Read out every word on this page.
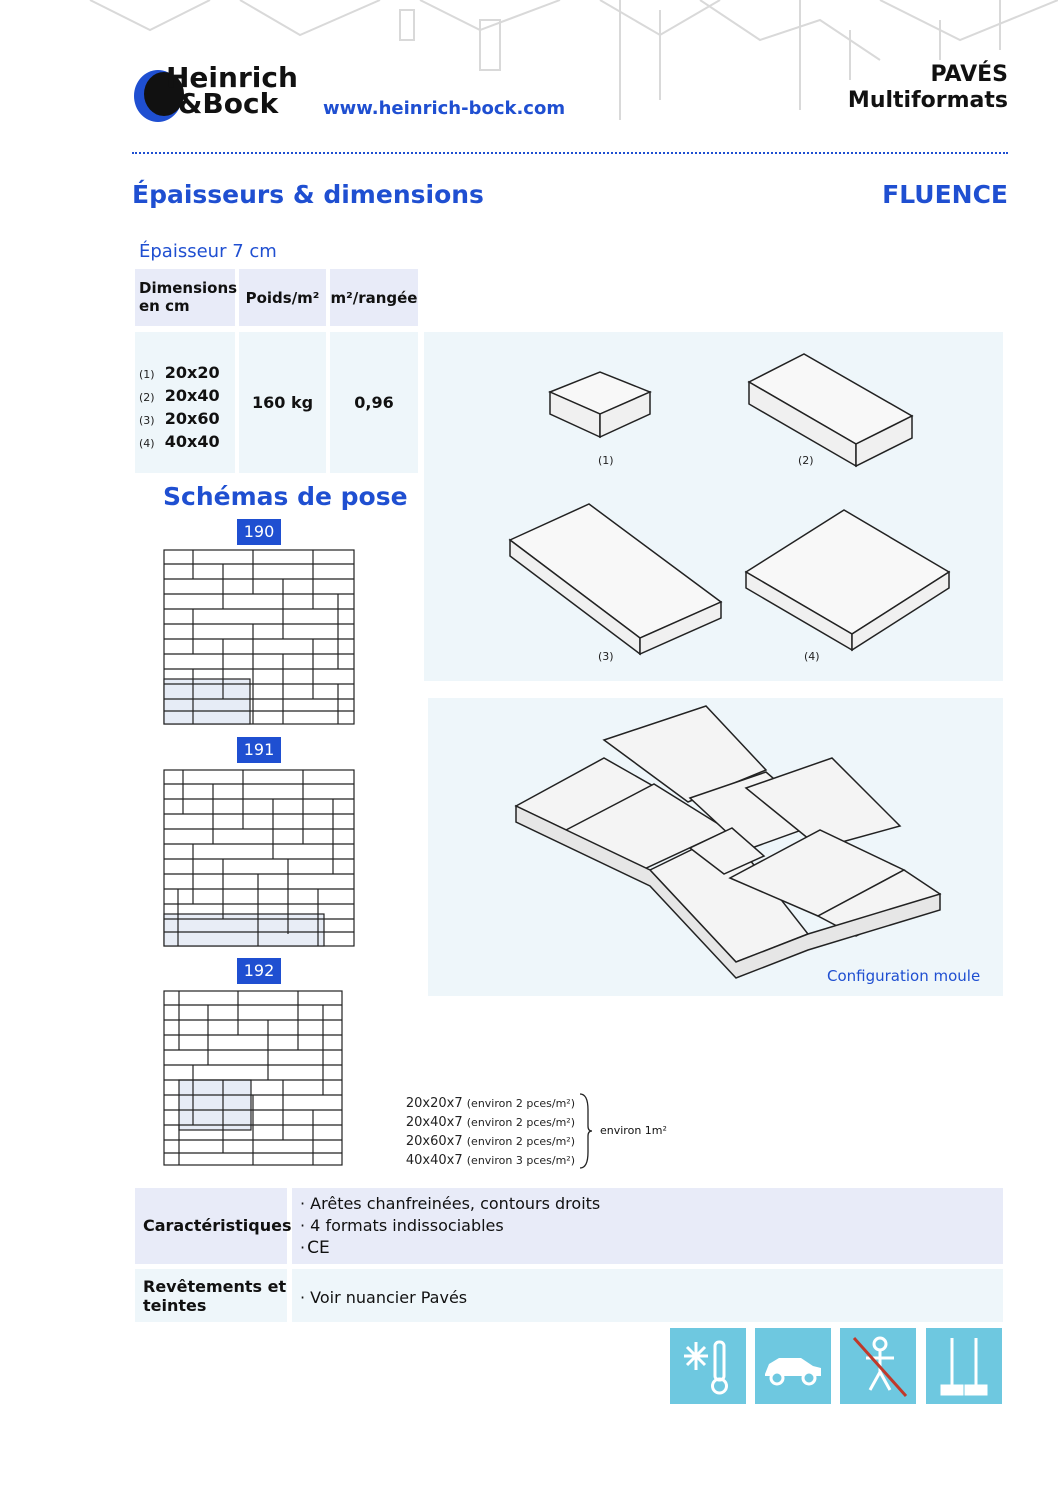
Heinrich
&Bock www.heinrich-bock.com
PAVÉS
Multiformats
Épaisseurs & dimensions	FLUENCE
Épaisseur 7 cm
Dimensions
en cm	Poids/m² m²/rangée
(1) 20x20
(2) 20x40
(3) 20x60
(4) 40x40
160 kg	0,96
(1)	(2)
(3)	(4)
Configuration moule
Schémas de pose
190
191
192
20x20x7 (environ 2 pces/m²)
20x40x7 (environ 2 pces/m²)
20x60x7 (environ 2 pces/m²)
40x40x7 (environ 3 pces/m²)
environ 1m²
Caractéristiques
· Arêtes chanfreinées, contours droits
· 4 formats indissociables
· CE
Revêtements et
teintes	· Voir nuancier Pavés
